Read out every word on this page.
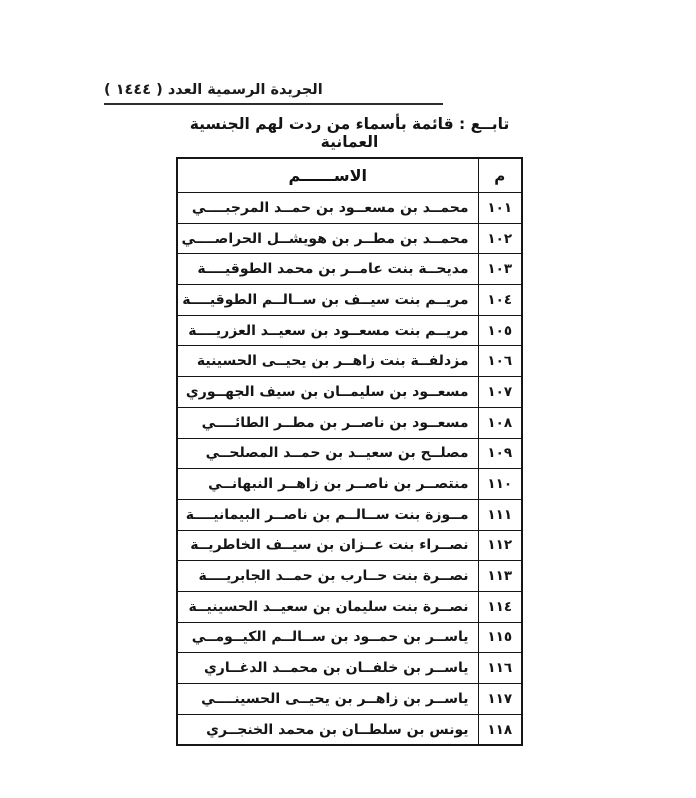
الجريدة الرسمية العدد ( ١٤٤٤ )
تابــع : قائمة بأسماء من ردت لهم الجنسية العمانية
م	الاســــــم
١٠١	محمــد بن مسعــود بن حمــد المرجبــــي
١٠٢	محمــد بن مطــر بن هويشــل الحراصــــي
١٠٣	مديحــة بنت عامــر بن محمد الطوقيــــة
١٠٤	مريــم بنت سيــف بن ســالــم الطوقيــــة
١٠٥	مريــم بنت مسعــود بن سعيــد العزريــــة
١٠٦	مزدلفــة بنت زاهــر بن يحيــى الحسينية
١٠٧	مسعــود بن سليمــان بن سيف الجهــوري
١٠٨	مسعــود بن ناصــر بن مطــر الطائــــي
١٠٩	مصلــح بن سعيــد بن حمــد المصلحــي
١١٠	منتصــر بن ناصــر بن زاهــر النبهانــي
١١١	مــوزة بنت ســالــم بن ناصــر البيمانيــــة
١١٢	نصــراء بنت عــزان بن سيــف الخاطريــة
١١٣	نصــرة بنت حــارب بن حمــد الجابريــــة
١١٤	نصــرة بنت سليمان بن سعيــد الحسينيــة
١١٥	ياســر بن حمــود بن ســالــم الكيــومــي
١١٦	ياســر بن خلفــان بن محمــد الدغــاري
١١٧	ياســر بن زاهــر بن يحيــى الحسينــــي
١١٨	يونس بن سلطــان بن محمد الخنجــري
